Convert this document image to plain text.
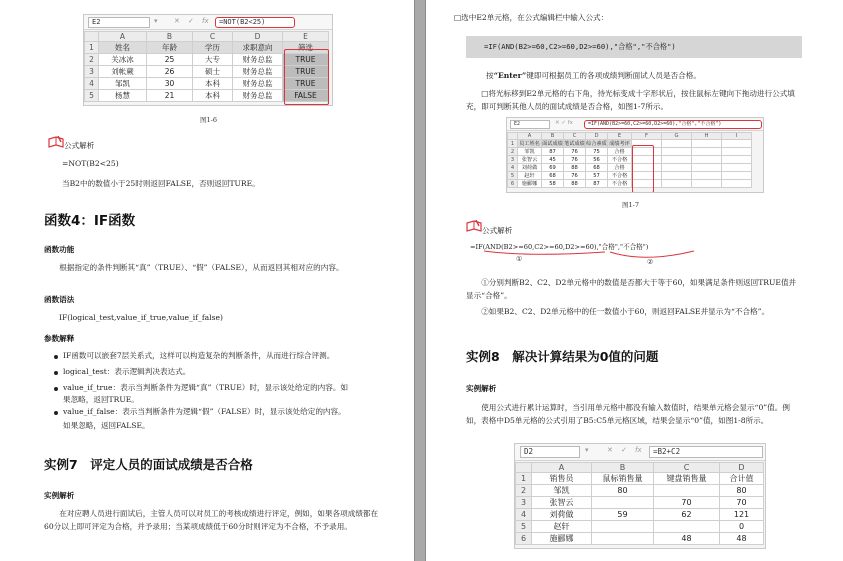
E2	▾ ✕ ✓ fx	=NOT(B2<25)
	A	B	C	D	E
1	姓名	年龄	学历	求职意向	筛选
2	关冰冰	25	大专	财务总监	TRUE
3	刘帐蕨	26	硕士	财务总监	TRUE
4	邹凯	30	本科	财务总监	TRUE
5	杨慧	21	本科	财务总监	FALSE
图1-6
公式解析
=NOT(B2<25)
当B2中的数值小于25时则返回FALSE，否则返回TURE。
函数4：IF函数
函数功能
根据指定的条件判断其“真”（TRUE）、“假”（FALSE），从而返回其相对应的内容。
函数语法
IF(logical_test,value_if_true,value_if_false)
参数解释
IF函数可以嵌套7层关系式，这样可以构造复杂的判断条件，从而进行综合评测。
logical_test：表示逻辑判决表达式。
value_if_true：表示当判断条件为逻辑“真”（TRUE）时，显示该处给定的内容。如
果忽略，返回TRUE。
value_if_false：表示当判断条件为逻辑“假”（FALSE）时，显示该处给定的内容。
如果忽略，返回FALSE。
实例7　评定人员的面试成绩是否合格
实例解析
在对应聘人员进行面试后，主管人员可以对员工的考核成绩进行评定，例如，如果各项成绩都在60分以上即可评定为合格，并予录用；当某项成绩低于60分时则评定为不合格，不予录用。
□选中E2单元格，在公式编辑栏中输入公式：
=IF(AND(B2>=60,C2>=60,D2>=60),"合格","不合格")
按“Enter”键即可根据员工的各项成绩判断面试人员是否合格。
□将光标移到E2单元格的右下角，待光标变成十字形状后，按住鼠标左键向下拖动进行公式填充，即可判断其他人员的面试成绩是否合格，如图1-7所示。
E2	✕ ✓ fx	=IF(AND(B2>=60,C2>=60,D2>=60),"合格","不合格")
	A	B	C	D	E	F	G	H	I
1	员工姓名	面试成绩	笔试成绩	综合素质	成绩考评				
2	邹凯	87	76	75	合格				
3	张智云	45	76	56	不合格				
4	刘荷做	69	88	68	合格				
5	赵轩	68	76	57	不合格				
6	施郦娜	58	88	87	不合格				
图1-7
公式解析
=IF(AND(B2>=60,C2>=60,D2>=60),"合格","不合格")
①	②
①分别判断B2、C2、D2单元格中的数值是否都大于等于60，如果满足条件则返回TRUE值并显示“合格”。
②如果B2、C2、D2单元格中的任一数值小于60，则返回FALSE并显示为“不合格”。
实例8　解决计算结果为0值的问题
实例解析
使用公式进行累计运算时，当引用单元格中都没有输入数值时，结果单元格会显示“0”值。例如，表格中D5单元格的公式引用了B5:C5单元格区域，结果会显示“0”值，如图1-8所示。
D2	▾	✕ ✓ fx	=B2+C2
	A	B	C	D
1	销售员	鼠标销售量	键盘销售量	合计值
2	邹凯	80		80
3	张智云		70	70
4	刘荷做	59	62	121
5	赵轩			0
6	施郦娜		48	48
